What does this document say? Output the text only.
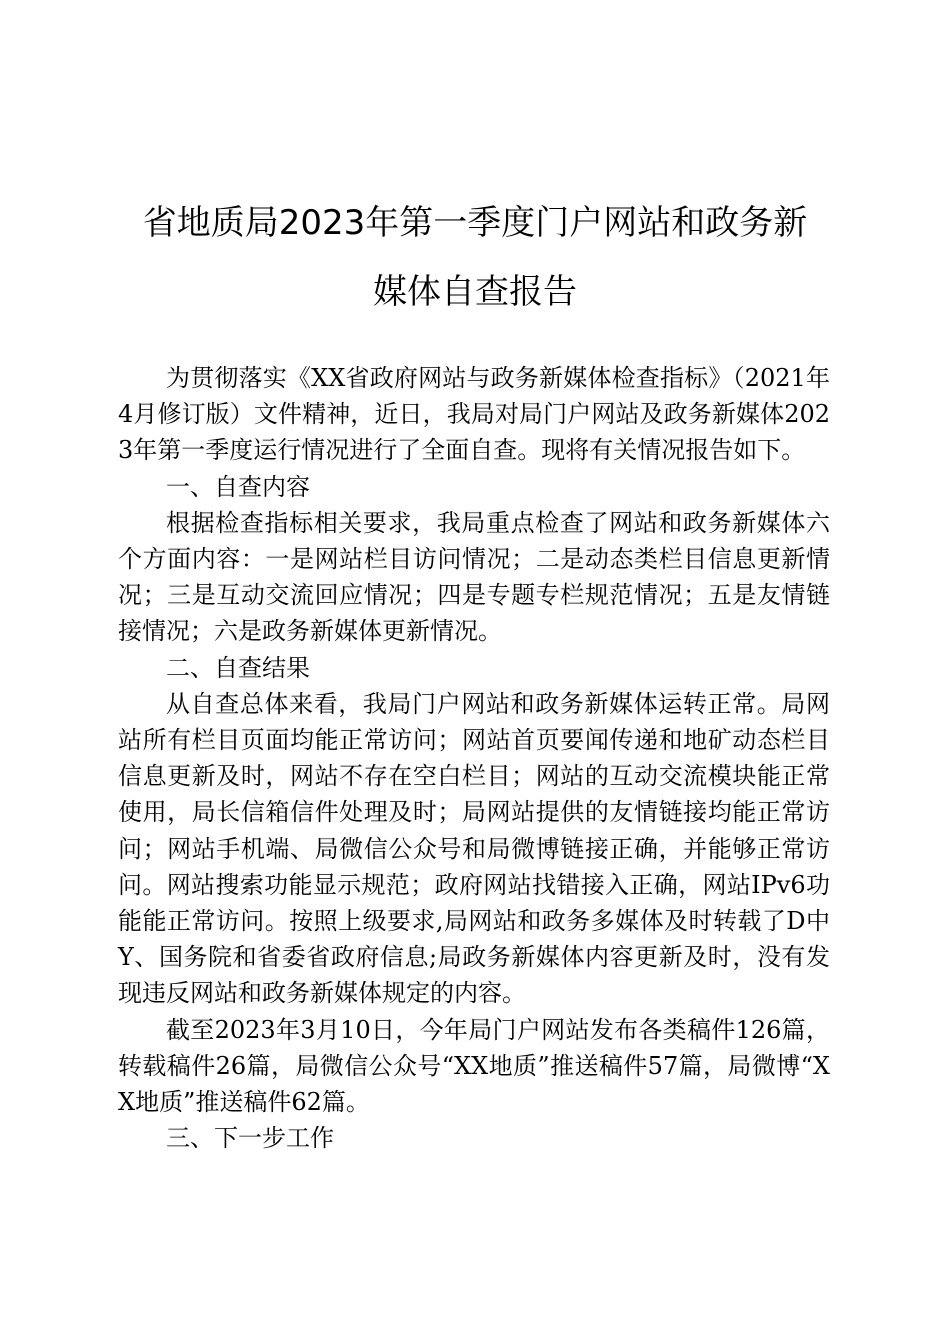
省地质局2023年第一季度门户网站和政务新
媒体自查报告

为贯彻落实《XX省政府网站与政务新媒体检查指标》（2021年4月修订版）文件精神，近日，我局对局门户网站及政务新媒体2023年第一季度运行情况进行了全面自查。现将有关情况报告如下。

一、自查内容

根据检查指标相关要求，我局重点检查了网站和政务新媒体六个方面内容：一是网站栏目访问情况；二是动态类栏目信息更新情况；三是互动交流回应情况；四是专题专栏规范情况；五是友情链接情况；六是政务新媒体更新情况。

二、自查结果

从自查总体来看，我局门户网站和政务新媒体运转正常。局网站所有栏目页面均能正常访问；网站首页要闻传递和地矿动态栏目信息更新及时，网站不存在空白栏目；网站的互动交流模块能正常使用，局长信箱信件处理及时；局网站提供的友情链接均能正常访问；网站手机端、局微信公众号和局微博链接正确，并能够正常访问。网站搜索功能显示规范；政府网站找错接入正确，网站IPv6功能能正常访问。按照上级要求,局网站和政务多媒体及时转载了D中Y、国务院和省委省政府信息;局政务新媒体内容更新及时，没有发现违反网站和政务新媒体规定的内容。

截至2023年3月10日，今年局门户网站发布各类稿件126篇，转载稿件26篇，局微信公众号“XX地质”推送稿件57篇，局微博“XX地质”推送稿件62篇。

三、下一步工作
